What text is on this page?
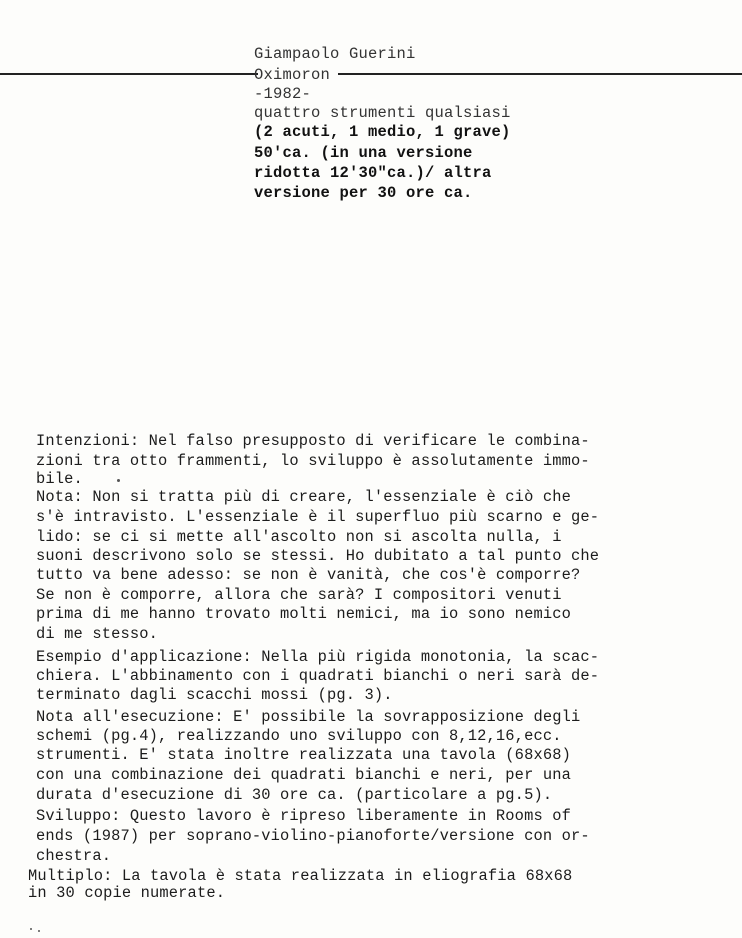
Giampaolo Guerini
Oximoron
-1982-
quattro strumenti qualsiasi
(2 acuti, 1 medio, 1 grave)
50'ca. (in una versione
ridotta 12'30"ca.)/ altra
versione per 30 ore ca.
Intenzioni: Nel falso presupposto di verificare le combina-
zioni tra otto frammenti, lo sviluppo è assolutamente immo-
bile.
Nota: Non si tratta più di creare, l'essenziale è ciò che
s'è intravisto. L'essenziale è il superfluo più scarno e ge-
lido: se ci si mette all'ascolto non si ascolta nulla, i
suoni descrivono solo se stessi. Ho dubitato a tal punto che
tutto va bene adesso: se non è vanità, che cos'è comporre?
Se non è comporre, allora che sarà? I compositori venuti
prima di me hanno trovato molti nemici, ma io sono nemico
di me stesso.
Esempio d'applicazione: Nella più rigida monotonia, la scac-
chiera. L'abbinamento con i quadrati bianchi o neri sarà de-
terminato dagli scacchi mossi (pg. 3).
Nota all'esecuzione: E' possibile la sovrapposizione degli
schemi (pg.4), realizzando uno sviluppo con 8,12,16,ecc.
strumenti. E' stata inoltre realizzata una tavola (68x68)
con una combinazione dei quadrati bianchi e neri, per una
durata d'esecuzione di 30 ore ca. (particolare a pg.5).
Sviluppo: Questo lavoro è ripreso liberamente in Rooms of
ends (1987) per soprano-violino-pianoforte/versione con or-
chestra.
Multiplo: La tavola è stata realizzata in eliografia 68x68
in 30 copie numerate.
